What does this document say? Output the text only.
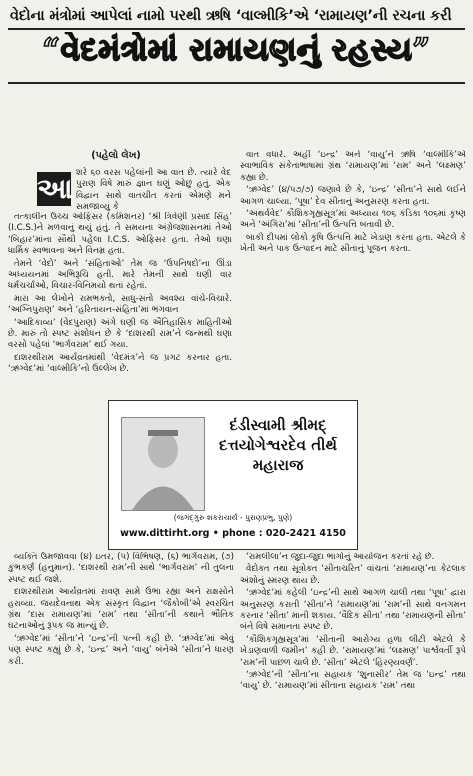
વેદોના મંત્રોમાં આપેલાં નામો પરથી ઋષિ ‘વાલ્મીકિ’એ ‘રામાયણ’ની રચના કરી
“વેદમંત્રોમાં રામાયણનું રહસ્ય”
(પહેલો લેખ)
આ શરે ૬૦ વરસ પહેલાંની આ વાત છે. ત્યારે વેદ પુરાણ વિષે મારું જ્ઞાન ઘણું ઓછું હતું. એક વિદ્વાન સાથે વાતચીત કરતાં એમણે મને સમજાવ્યું કે

તત્કાલીન ઉચ્ચ ઓફિસર (કમિશનર) ‘શ્રી ત્રિવેણી પ્રસાદ સિંહ’ (I.C.S.)ને મળવાનું થયું હતું. તે સમયના અંગ્રેજશાસનમાં તેઓ ‘બિહાર’માંના સૌથી પહેલા I.C.S. ઓફિસર હતા. તેઓ ઘણા ધાર્મિક સ્વભાવના અને વિનમ્ર હતા.

તેમને ‘વેદો’ અને ‘સંહિતાઓ’ તેમ જ ‘ઉપનિષદો’ના ઊંડા અધ્યયનમાં અભિરૂચિ હતી. મારે તેમની સાથે ઘણી વાર ધર્મચર્ચાઓ, વિચાર-વિનિમયો થતાં રહેતાં.

મારા આ લેખોને રામભક્તો, સાધુ-સંતો અવશ્ય વાંચે-વિચારે. ‘અગ્નિપુરાણ’ અને ‘હરિતાયન-સંહિતા’માં ભગવાન

‘આદિકાવ્ય’ (વેદપુરાણ) અંગે ઘણી જ ઐતિહાસિક માહિતીઓ છે. મારું તો સ્પષ્ટ સંશોધન છે કે ‘દાશરથી રામ’ને જન્મથી ઘણા વરસો પહેલાં ‘ભાર્ગવરામ’ થઈ ગયા.

દાશરથીરામ આર્યવ્રતમાંથી ‘વેદમંત્ર’ને જ પ્રગટ કરનાર હતા. ‘ઋગ્વેદ’માં ‘વાલ્મીકિ’નો ઉલ્લેખ છે.

વાત વધારે. અહીં ‘ઇન્દ્ર’ અને ‘વાયુ’ને ઋષિ ‘વાલ્મીકિ’એ સ્વાભાવિક સંકેતાભાષામાં ગ્રંથ ‘રામાયણ’માં ‘રામ’ અને ‘લક્ષ્મણ’ કહ્યા છે.

‘ઋગ્વેદ’ (૪/૫૭/૭) જણાવે છે કે, ‘ઇન્દ્ર’ ‘સીતા’ને સાથે લઈને આગળ ચાલ્યા. ‘પૂષા’ દેવ સીતાનું અનુસરણ કરતા હતા.

‘અથર્વવેદ’ કૌશિકગૃહ્યસૂત્ર’માં અધ્યાય ૧૦૬ કંડિકા ૧૦૬માં કૃષ્ણ અને ‘અંગિરા’માં ‘સીતા’ની ઉત્પત્તિ બતાવી છે.

બાકી દીપમાં લોકો કૃષિ ઉત્પત્તિ માટે ખેડાણ કરતા હતા. એટલે કે ખેતી અને પાક ઉત્પાદન માટે સીતાનું પૂજન કરતા.

દંડીસ્વામી શ્રીમદ્ દત્તયોગેશ્વરદેવ તીર્થ મહારાજ
(જગદ્ગુરુ શંકરાચાર્ય - પુરાણપ્રભુ, પુણે)
www.dittirht.org • phone : 020-2421 4150

વ્યક્તિ ઉમજાવવા (૪) ઇતર, (૫) વિભિષણ, (૬) ભાર્ગવરામ, (૭) કુંભકર્ણ (હનુમાન). ‘દાશરથી રામ’ની સાથે ‘ભાર્ગવરામ’ ની તુલના સ્પષ્ટ થઈ જશે.

દાશરથીરામ આર્યવ્રતમાં રાવણ સામે ઉભા રહ્યા અને રાક્ષસોને હરાવ્યા. જયદેવનાથ એક સંસ્કૃત વિદ્વાન ‘જૈકોબી’એ સ્વરચિત ગ્રંથ ‘દાસ રામાયણ’માં ‘રામ’ તથા ‘સીતા’ની કથાને ભૌતિક ઘટનાઓનું રૂપક જ માન્યું છે.

‘ઋગ્વેદ’માં ‘સીતા’ને ‘ઇન્દ્ર’ની પત્ની કહી છે. ‘ઋગ્વેદ’માં એવું પણ સ્પષ્ટ કહ્યું છે કે, ‘ઇન્દ્ર’ અને ‘વાયુ’ બંનેએ ‘સીતા’ને ધારણ કરી.

‘રામલીલા’ન જુદા-જુદા ભાગોનું આયોજન કરતાં રહે છે.

વેદોક્ત તથા સૂત્રોક્ત ‘સીતાચરિત’ વાંચતાં ‘રામાયણ’ના કેટલાક અંશોનું સ્મરણ થાય છે.

‘ઋગ્વેદ’માં કહેલી ‘ઇન્દ્ર’ની સાથે આગળ ચાલી તથા ‘પૂષા’ દ્વારા અનુસરણ કરાતી ‘સીતા’ને ‘રામાયણ’માં ‘રામ’ની સાથે વનગમન કરનાર ‘સીતા’ માની શકાય. ‘વૈદિક સીતા’ તથા ‘રામાયણની સીતા’ બંને વિષે સમાનતા સ્પષ્ટ છે.

‘કૌશિકગૃહ્યસૂત્ર’માં ‘સીતાની આરોગ્ય હળા લીટી એટલે કે ખેડાણવાળી જમીન’ કહી છે. ‘રામાયણ’માં ‘લક્ષ્મણ’ પાર્શ્વવર્તી રૂપે ‘રામ’ની પાછળ ચાલે છે. ‘સીતા’ એટલે ‘હિરણ્યવર્ણ’.

‘ઋગ્વેદ’ની ‘સીતા’ના સહાયક ‘શુનાસીર’ તેમ જ ‘ઇન્દ્ર’ તથા ‘વાયુ’ છે. ‘રામાયણ’માં સીતાના સહાયક ‘રામ’ તથા
